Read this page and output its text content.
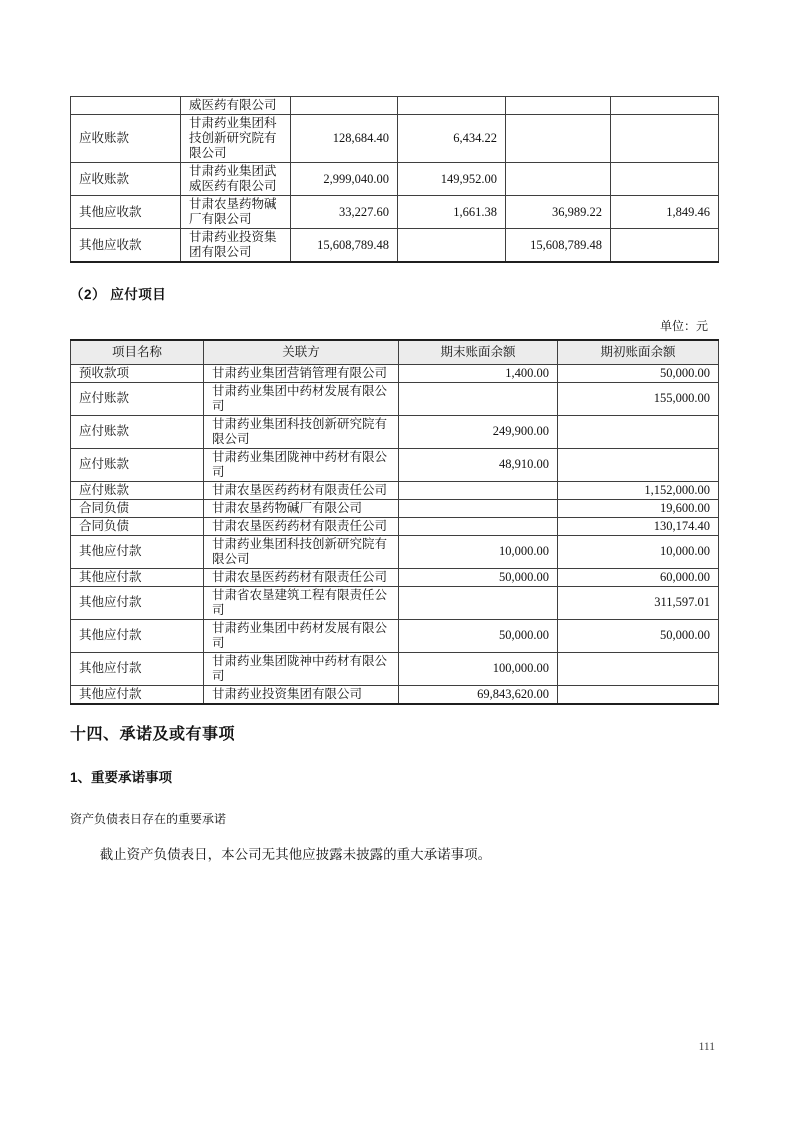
	威医药有限公司				
应收账款	甘肃药业集团科技创新研究院有限公司	128,684.40	6,434.22		
应收账款	甘肃药业集团武威医药有限公司	2,999,040.00	149,952.00		
其他应收款	甘肃农垦药物碱厂有限公司	33,227.60	1,661.38	36,989.22	1,849.46
其他应收款	甘肃药业投资集团有限公司	15,608,789.48		15,608,789.48	
（2） 应付项目
单位：元
项目名称	关联方	期末账面余额	期初账面余额
预收款项	甘肃药业集团营销管理有限公司	1,400.00	50,000.00
应付账款	甘肃药业集团中药材发展有限公司		155,000.00
应付账款	甘肃药业集团科技创新研究院有限公司	249,900.00	
应付账款	甘肃药业集团陇神中药材有限公司	48,910.00	
应付账款	甘肃农垦医药药材有限责任公司		1,152,000.00
合同负债	甘肃农垦药物碱厂有限公司		19,600.00
合同负债	甘肃农垦医药药材有限责任公司		130,174.40
其他应付款	甘肃药业集团科技创新研究院有限公司	10,000.00	10,000.00
其他应付款	甘肃农垦医药药材有限责任公司	50,000.00	60,000.00
其他应付款	甘肃省农垦建筑工程有限责任公司		311,597.01
其他应付款	甘肃药业集团中药材发展有限公司	50,000.00	50,000.00
其他应付款	甘肃药业集团陇神中药材有限公司	100,000.00	
其他应付款	甘肃药业投资集团有限公司	69,843,620.00	
十四、承诺及或有事项
1、重要承诺事项
资产负债表日存在的重要承诺
截止资产负债表日，本公司无其他应披露未披露的重大承诺事项。
111
